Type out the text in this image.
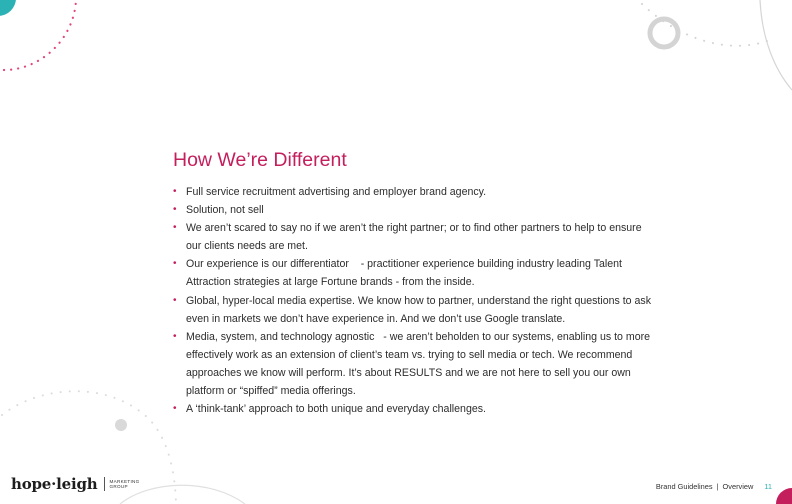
How We’re Different
• Full service recruitment advertising and employer brand agency.
• Solution, not sell
• We aren’t scared to say no if we aren’t the right partner; or to find other partners to help to ensure our clients needs are met.
• Our experience is our differentiator    - practitioner experience building industry leading Talent Attraction strategies at large Fortune brands - from the inside.
• Global, hyper-local media expertise. We know how to partner, understand the right questions to ask even in markets we don’t have experience in. And we don’t use Google translate.
• Media, system, and technology agnostic   - we aren’t beholden to our systems, enabling us to more effectively work as an extension of client’s team vs. trying to sell media or tech. We recommend approaches we know will perform. It’s about RESULTS and we are not here to sell you our own platform or “spiffed” media offerings.
• A ‘think-tank’ approach to both unique and everyday challenges.
hope·leigh	MARKETING
GROUP	Brand Guidelines | Overview 11
